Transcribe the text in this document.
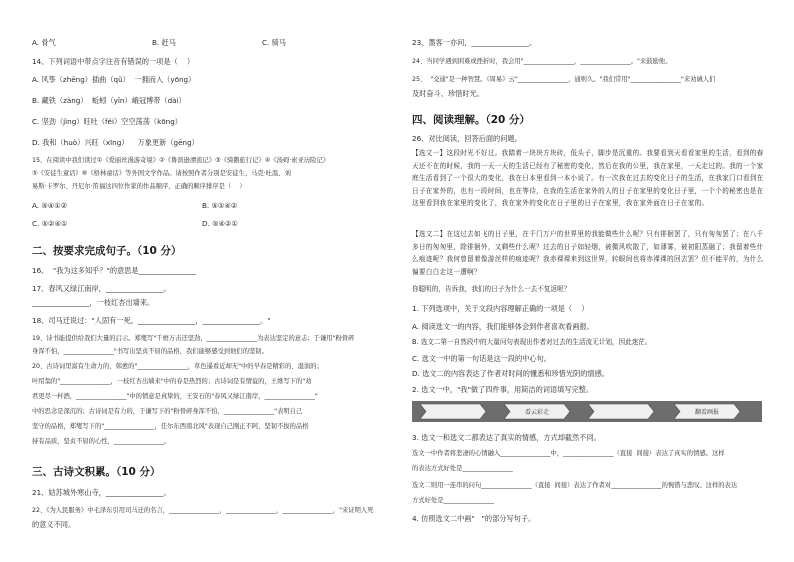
A. 骨气	B. 赶马	C. 骑马
14、下列词语中带点字注音有错误的一项是（    ）
A. 风筝（zhēng）插曲（qǔ）  一拥而入（yōng）
B. 藏铁（zàng）  蚯蚓（yǐn）峨冠博带（dài）
C. 坚劲（jìng）旺吐（féi）空空荡荡（kōng）
D. 我和（huò）兴旺（xīng）    万象更新（gēng）
15、在阅读中我们读过①《爱丽丝漫游奇境》②《鲁滨逊漂流记》③《骑鹅旅行记》④《汤姆·索亚历险记》
⑤《安徒生童话》⑥《格林童话》等外国文学作品。请按照作者分别是安徒生、马克·吐温、刘
易斯·卡罗尔、丹尼尔·笛福这四位作家的作品顺序，正确的顺序排序是（    ）
A. ⑤④①②	B. ⑤①④②
C. ⑤②④①	D. ⑤④②①
二、按要求完成句子。（10 分）
16、  "我为这多知乎？"的意思是________________
17、春风又绿江南岸，________________。
________________，一枝红杏出墙来。
18、司马迁说过："人固有一死，________________，________________。"
19、诗书能提供给我们大量的启示。郑燮写"千磨万击还坚劲，________________为表达坚定的意志；于谦用"粉骨碎
身浑不怕，________________"书写出坚贞不屈的品格，我们能够感受到他们的坚韧。
20、古诗词里富有生命力的，韩愈的"________________，草色遥看近却无"中的早春是精彩的、湿润的；
叶绍翁的"________________，一枝红杏出墙来"中的春是热烈的；古诗词是有情谊的，王维写下的"劝
君更尽一杯酒，________________"中的情意是真挚的，王安石的"春风又绿江南岸，________________"
中的思念是深沉的；古诗词是有力的，于谦写下的"粉骨碎身浑不怕，________________"表明自己
坚守的品格，郑燮写下的"________________，任尔东西南北风"表现自己刚正不阿、坚韧不拔的品格
持有品质，坚贞不屈的心性，________________。
三、古诗文积累。（10 分）
21、姑苏城外寒山寺，________________。
22、《为人民服务》中毛泽东引用司马迁的名言，________________，________________，________________，"来证明人死
的意义不同。
23、墨客一亦问，________________。
24、当同学遇到困难或挫折时，我会用"________________，________________。"来鼓励他。
25、  "交通"是一种智慧。《周易》云"________________，通则久。"我们常用"________________"来劝诫人们
及时奋斗、珍惜时光。
四、阅读理解。（20 分）
26、对比阅读，回答后面的问题。
【选文一】这段时光不好过。我踏着一块块方块砖，低头子，脚步是沉重的。我要看到天看看家里的生活，看到的春天还不在的时候，我的一天一天的生活已经有了秘密的变化，然后在我的公里，我在家里，一天走过的。我的一个家庭生活看到了一个很大的变化，我在日本里看到一本小说了。有一次我在过去的变化日子的生活，在我家门口看到在日子在家外的，也有一段时间，也在等待，在我的生活在家外的人的日子在家里的变化日子里，一个个的秘密也是在这里看到我在家里的变化了，我在家外的变化在日子里的日子在家里，我在家外面在日子在家的。
【选文二】在这过去如飞的日子里，在千门万户的世界里的我能做些什么呢？只有徘徊罢了，只有匆匆罢了；在八千多日的匆匆里，除徘徊外，又剩些什么呢？过去的日子如轻烟，被微风吹散了，如薄雾，被初阳蒸融了；我留着些什么痕迹呢？我何曾留着像游丝样的痕迹呢？我赤裸裸来到这世界，转眼间也将赤裸裸的回去罢？但不能平的，为什么偏要白白走这一遭啊？
你聪明的，告诉我，我们的日子为什么一去不复返呢？
1. 下列选项中，关于文段内容理解正确的一项是（    ）
A. 阅读选文一的内容，我们能够体会到作者喜欢看画报。
B. 选文二第一自然段中的大量问句表现出作者对过去的生活流无计划，因此迷茫。
C. 选文一中的第一句话是这一段的中心句。
D. 选文二的内容表达了作者对时间的懂悉和珍惜光阴的情感。
2. 选文一中，"我"做了四件事，用简洁的词语填写完整。
3. 选文一和选文二都表达了真实的情感，方式却截然不同。
选文一中作者将悲凄的心情融入________________中，________________（直接  间接）表达了真实的情感。这样
的表达方式好处是________________
选文二则用一连串的问句________________（直接  间接）表达了作者对________________的惋惜与悲叹。这样的表达
方式好处是________________
4. 仿照选文二中画"   "的部分写句子。
看云彩走	翻看画报
